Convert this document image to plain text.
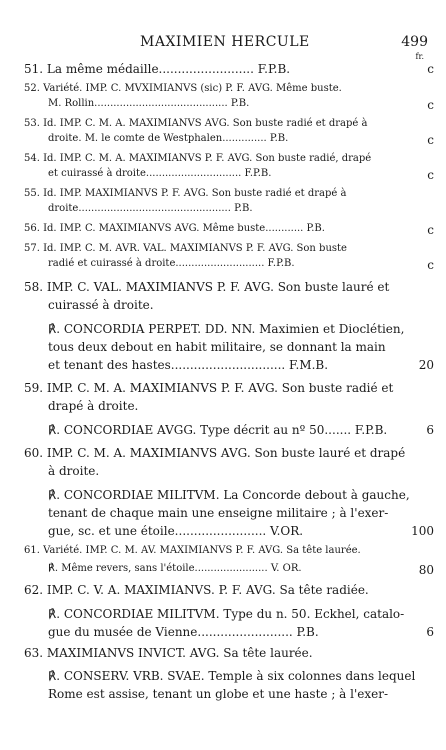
MAXIMIEN HERCULE	499
fr.
51. La même médaille......................... F.P.B.	c
52. Variété. IMP. C. MVXIMIANVS (sic) P. F. AVG. Même buste.
M. Rollin.......................................... P.B.	c
53. Id. IMP. C. M. A. MAXIMIANVS AVG. Son buste radié et drapé à
droite. M. le comte de Westphalen.............. P.B.	c
54. Id. IMP. C. M. A. MAXIMIANVS P. F. AVG. Son buste radié, drapé
et cuirassé à droite.............................. F.P.B.	c
55. Id. IMP. MAXIMIANVS P. F. AVG. Son buste radié et drapé à
droite................................................ P.B.
56. Id. IMP. C. MAXIMIANVS AVG. Même buste............ P.B.	c
57. Id. IMP. C. M. AVR. VAL. MAXIMIANVS P. F. AVG. Son buste
radié et cuirassé à droite............................ F.P.B.	c
58. IMP. C. VAL. MAXIMIANVS P. F. AVG. Son buste lauré et
cuirassé à droite.
℟. CONCORDIA PERPET. DD. NN. Maximien et Dioclétien,
tous deux debout en habit militaire, se donnant la main
et tenant des hastes.............................. F.M.B.	20
59. IMP. C. M. A. MAXIMIANVS P. F. AVG. Son buste radié et
drapé à droite.
℟. CONCORDIAE AVGG. Type décrit au nº 50....... F.P.B.	6
60. IMP. C. M. A. MAXIMIANVS AVG. Son buste lauré et drapé
à droite.
℟. CONCORDIAE MILITVM. La Concorde debout à gauche,
tenant de chaque main une enseigne militaire ; à l'exer-
gue, sc. et une étoile........................ V.OR.	100
61. Variété. IMP. C. M. AV. MAXIMIANVS P. F. AVG. Sa tête laurée.
℟. Même revers, sans l'étoile....................... V. OR.	80
62. IMP. C. V. A. MAXIMIANVS. P. F. AVG. Sa tête radiée.
℟. CONCORDIAE MILITVM. Type du n. 50. Eckhel, catalo-
gue du musée de Vienne......................... P.B.	6
63. MAXIMIANVS INVICT. AVG. Sa tête laurée.
℟. CONSERV. VRB. SVAE. Temple à six colonnes dans lequel
Rome est assise, tenant un globe et une haste ; à l'exer-
